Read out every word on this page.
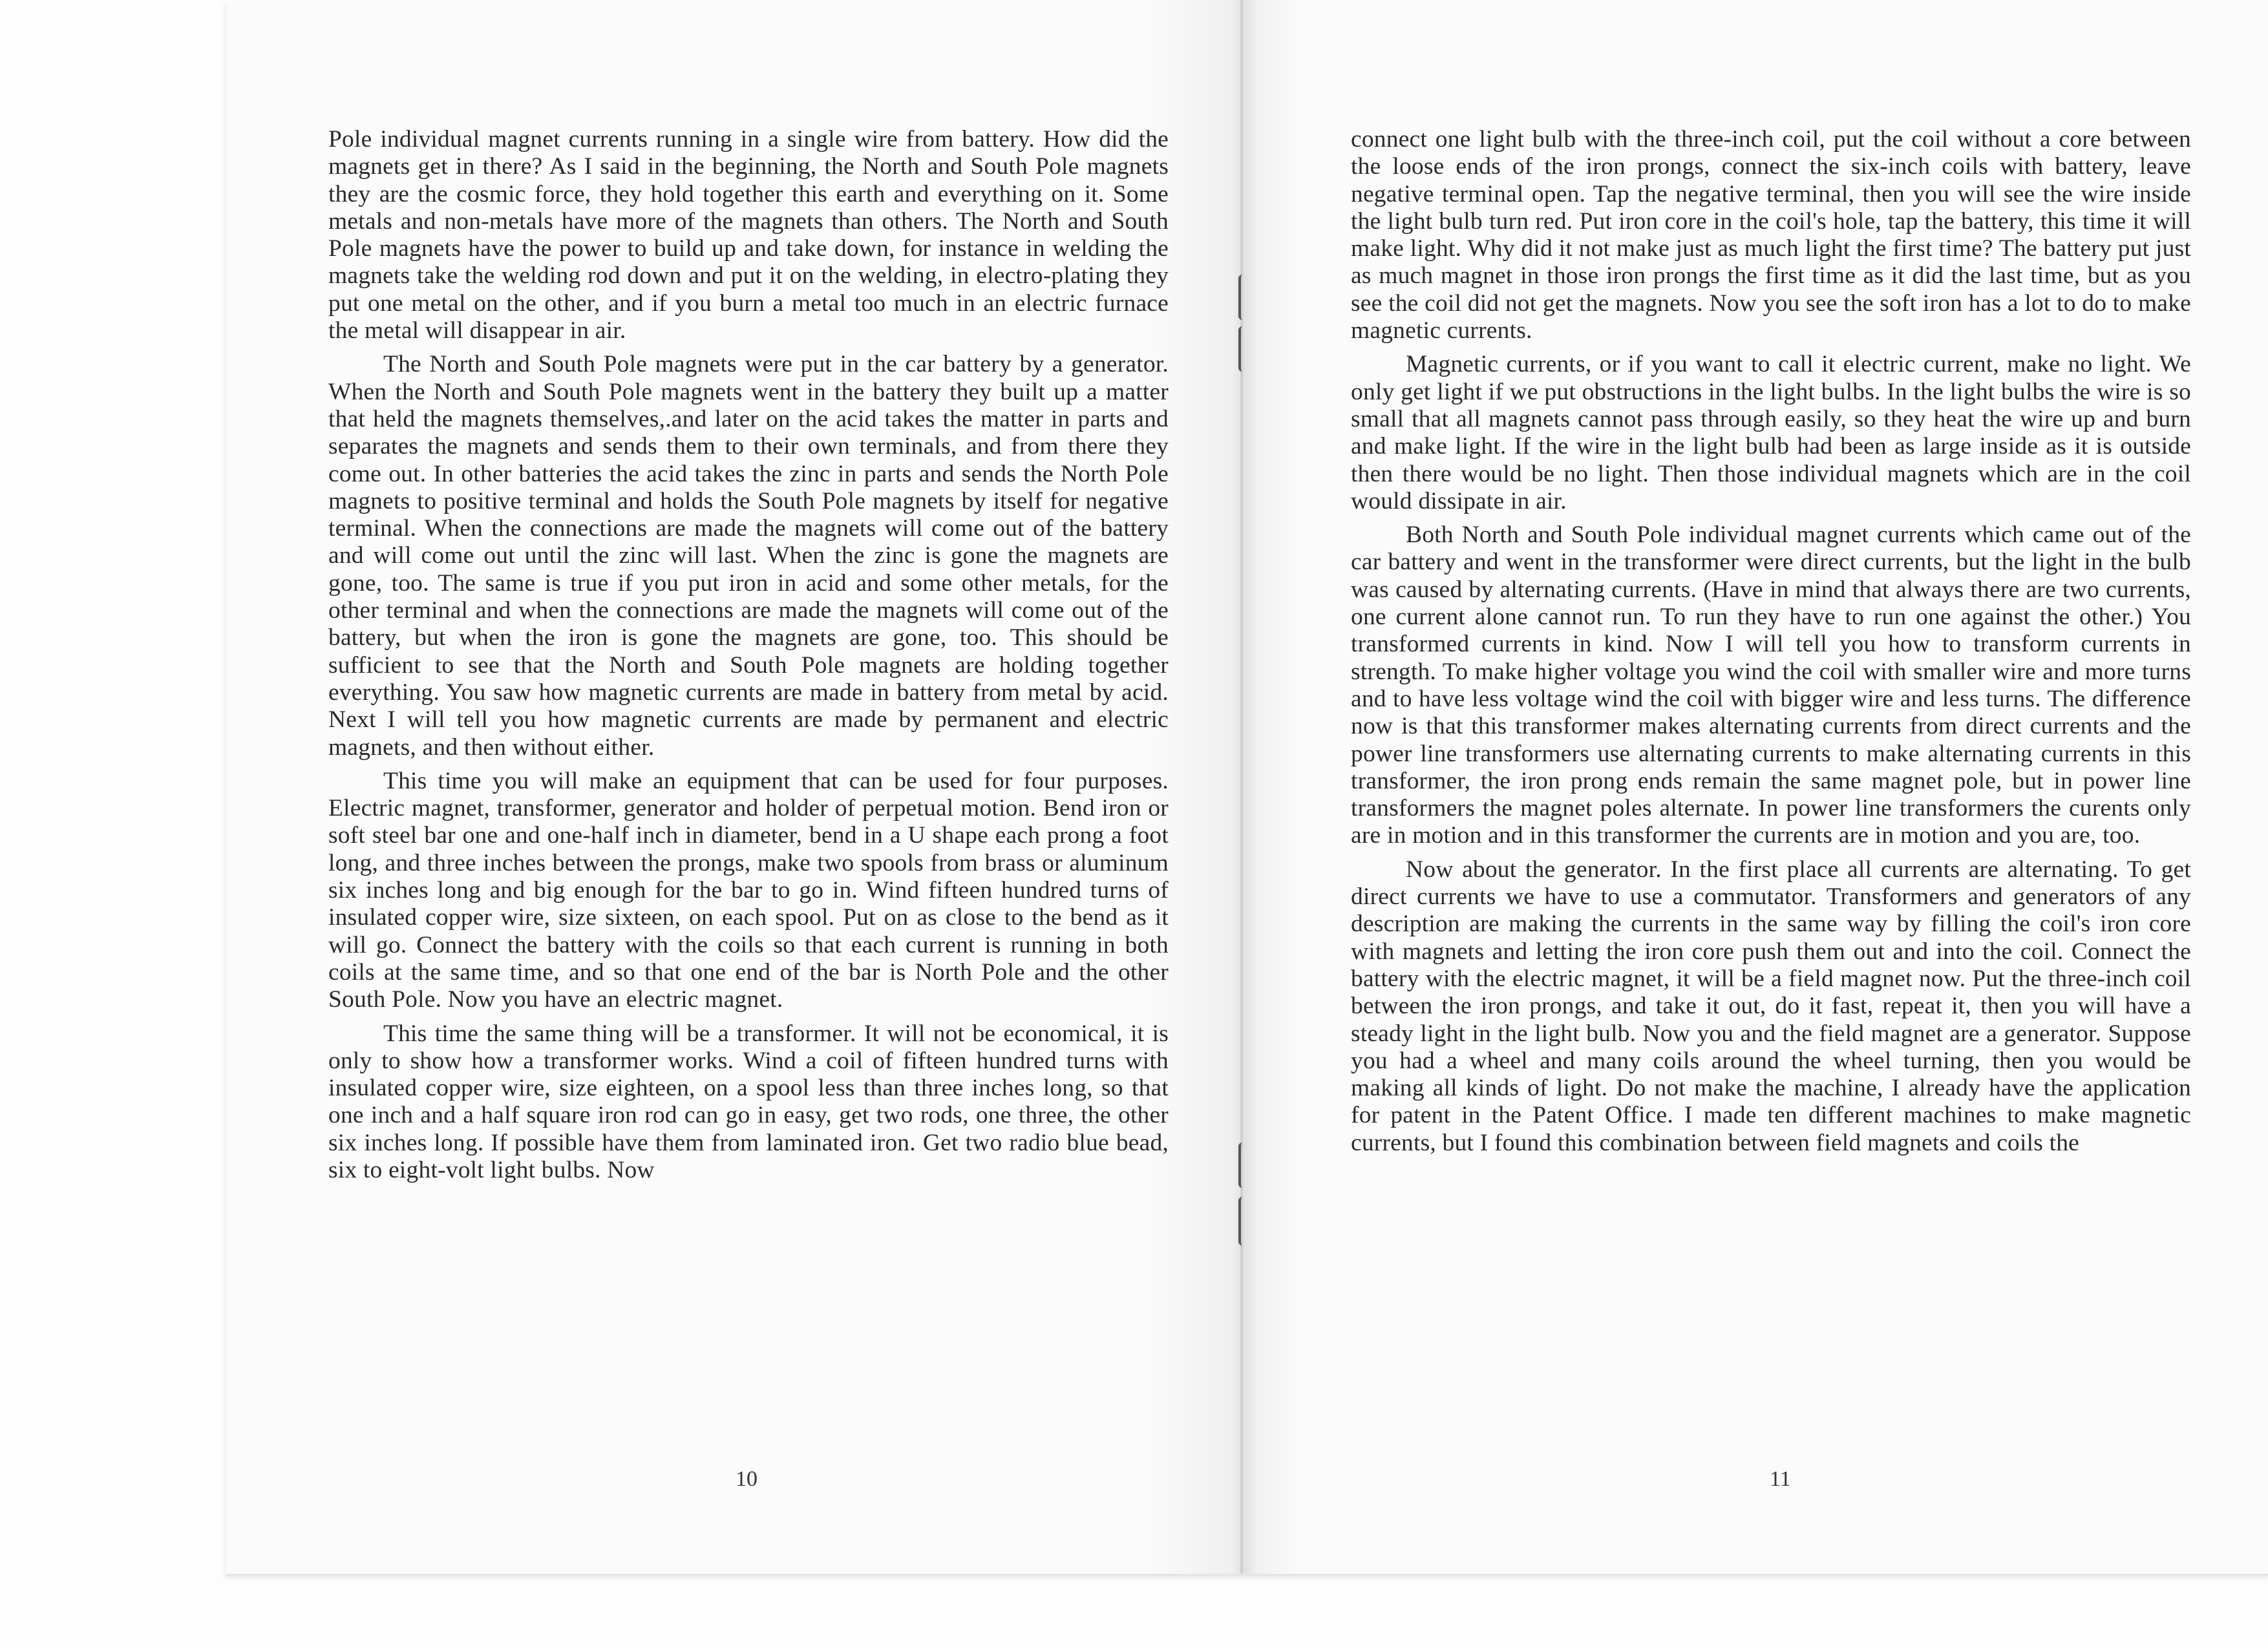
Pole individual magnet currents running in a single wire from battery. How did the magnets get in there? As I said in the beginning, the North and South Pole magnets they are the cosmic force, they hold together this earth and everything on it. Some metals and non-metals have more of the magnets than others. The North and South Pole magnets have the power to build up and take down, for instance in welding the magnets take the welding rod down and put it on the welding, in electro-plating they put one metal on the other, and if you burn a metal too much in an electric furnace the metal will disappear in air.

The North and South Pole magnets were put in the car battery by a generator. When the North and South Pole magnets went in the battery they built up a matter that held the magnets themselves,.and later on the acid takes the matter in parts and separates the magnets and sends them to their own terminals, and from there they come out. In other batteries the acid takes the zinc in parts and sends the North Pole magnets to positive terminal and holds the South Pole magnets by itself for negative terminal. When the connections are made the magnets will come out of the battery and will come out until the zinc will last. When the zinc is gone the magnets are gone, too. The same is true if you put iron in acid and some other metals, for the other terminal and when the connections are made the magnets will come out of the battery, but when the iron is gone the magnets are gone, too. This should be sufficient to see that the North and South Pole magnets are holding together everything. You saw how magnetic currents are made in battery from metal by acid. Next I will tell you how magnetic currents are made by permanent and electric magnets, and then without either.

This time you will make an equipment that can be used for four purposes. Electric magnet, transformer, generator and holder of perpetual motion. Bend iron or soft steel bar one and one-half inch in diameter, bend in a U shape each prong a foot long, and three inches between the prongs, make two spools from brass or aluminum six inches long and big enough for the bar to go in. Wind fifteen hundred turns of insulated copper wire, size sixteen, on each spool. Put on as close to the bend as it will go. Connect the battery with the coils so that each current is running in both coils at the same time, and so that one end of the bar is North Pole and the other South Pole. Now you have an electric magnet.

This time the same thing will be a transformer. It will not be economical, it is only to show how a transformer works. Wind a coil of fifteen hundred turns with insulated copper wire, size eighteen, on a spool less than three inches long, so that one inch and a half square iron rod can go in easy, get two rods, one three, the other six inches long. If possible have them from laminated iron. Get two radio blue bead, six to eight-volt light bulbs. Now

connect one light bulb with the three-inch coil, put the coil without a core between the loose ends of the iron prongs, connect the six-inch coils with battery, leave negative terminal open. Tap the negative terminal, then you will see the wire inside the light bulb turn red. Put iron core in the coil's hole, tap the battery, this time it will make light. Why did it not make just as much light the first time? The battery put just as much magnet in those iron prongs the first time as it did the last time, but as you see the coil did not get the magnets. Now you see the soft iron has a lot to do to make magnetic currents.

Magnetic currents, or if you want to call it electric current, make no light. We only get light if we put obstructions in the light bulbs. In the light bulbs the wire is so small that all magnets cannot pass through easily, so they heat the wire up and burn and make light. If the wire in the light bulb had been as large inside as it is outside then there would be no light. Then those individual magnets which are in the coil would dissipate in air.

Both North and South Pole individual magnet currents which came out of the car battery and went in the transformer were direct currents, but the light in the bulb was caused by alternating currents. (Have in mind that always there are two currents, one current alone cannot run. To run they have to run one against the other.) You transformed currents in kind. Now I will tell you how to transform currents in strength. To make higher voltage you wind the coil with smaller wire and more turns and to have less voltage wind the coil with bigger wire and less turns. The difference now is that this transformer makes alternating currents from direct currents and the power line transformers use alternating currents to make alternating currents in this transformer, the iron prong ends remain the same magnet pole, but in power line transformers the magnet poles alternate. In power line transformers the curents only are in motion and in this transformer the currents are in motion and you are, too.

Now about the generator. In the first place all currents are alternating. To get direct currents we have to use a commutator. Transformers and generators of any description are making the currents in the same way by filling the coil's iron core with magnets and letting the iron core push them out and into the coil. Connect the battery with the electric magnet, it will be a field magnet now. Put the three-inch coil between the iron prongs, and take it out, do it fast, repeat it, then you will have a steady light in the light bulb. Now you and the field magnet are a generator. Suppose you had a wheel and many coils around the wheel turning, then you would be making all kinds of light. Do not make the machine, I already have the application for patent in the Patent Office. I made ten different machines to make magnetic currents, but I found this combination between field magnets and coils the

10	11
